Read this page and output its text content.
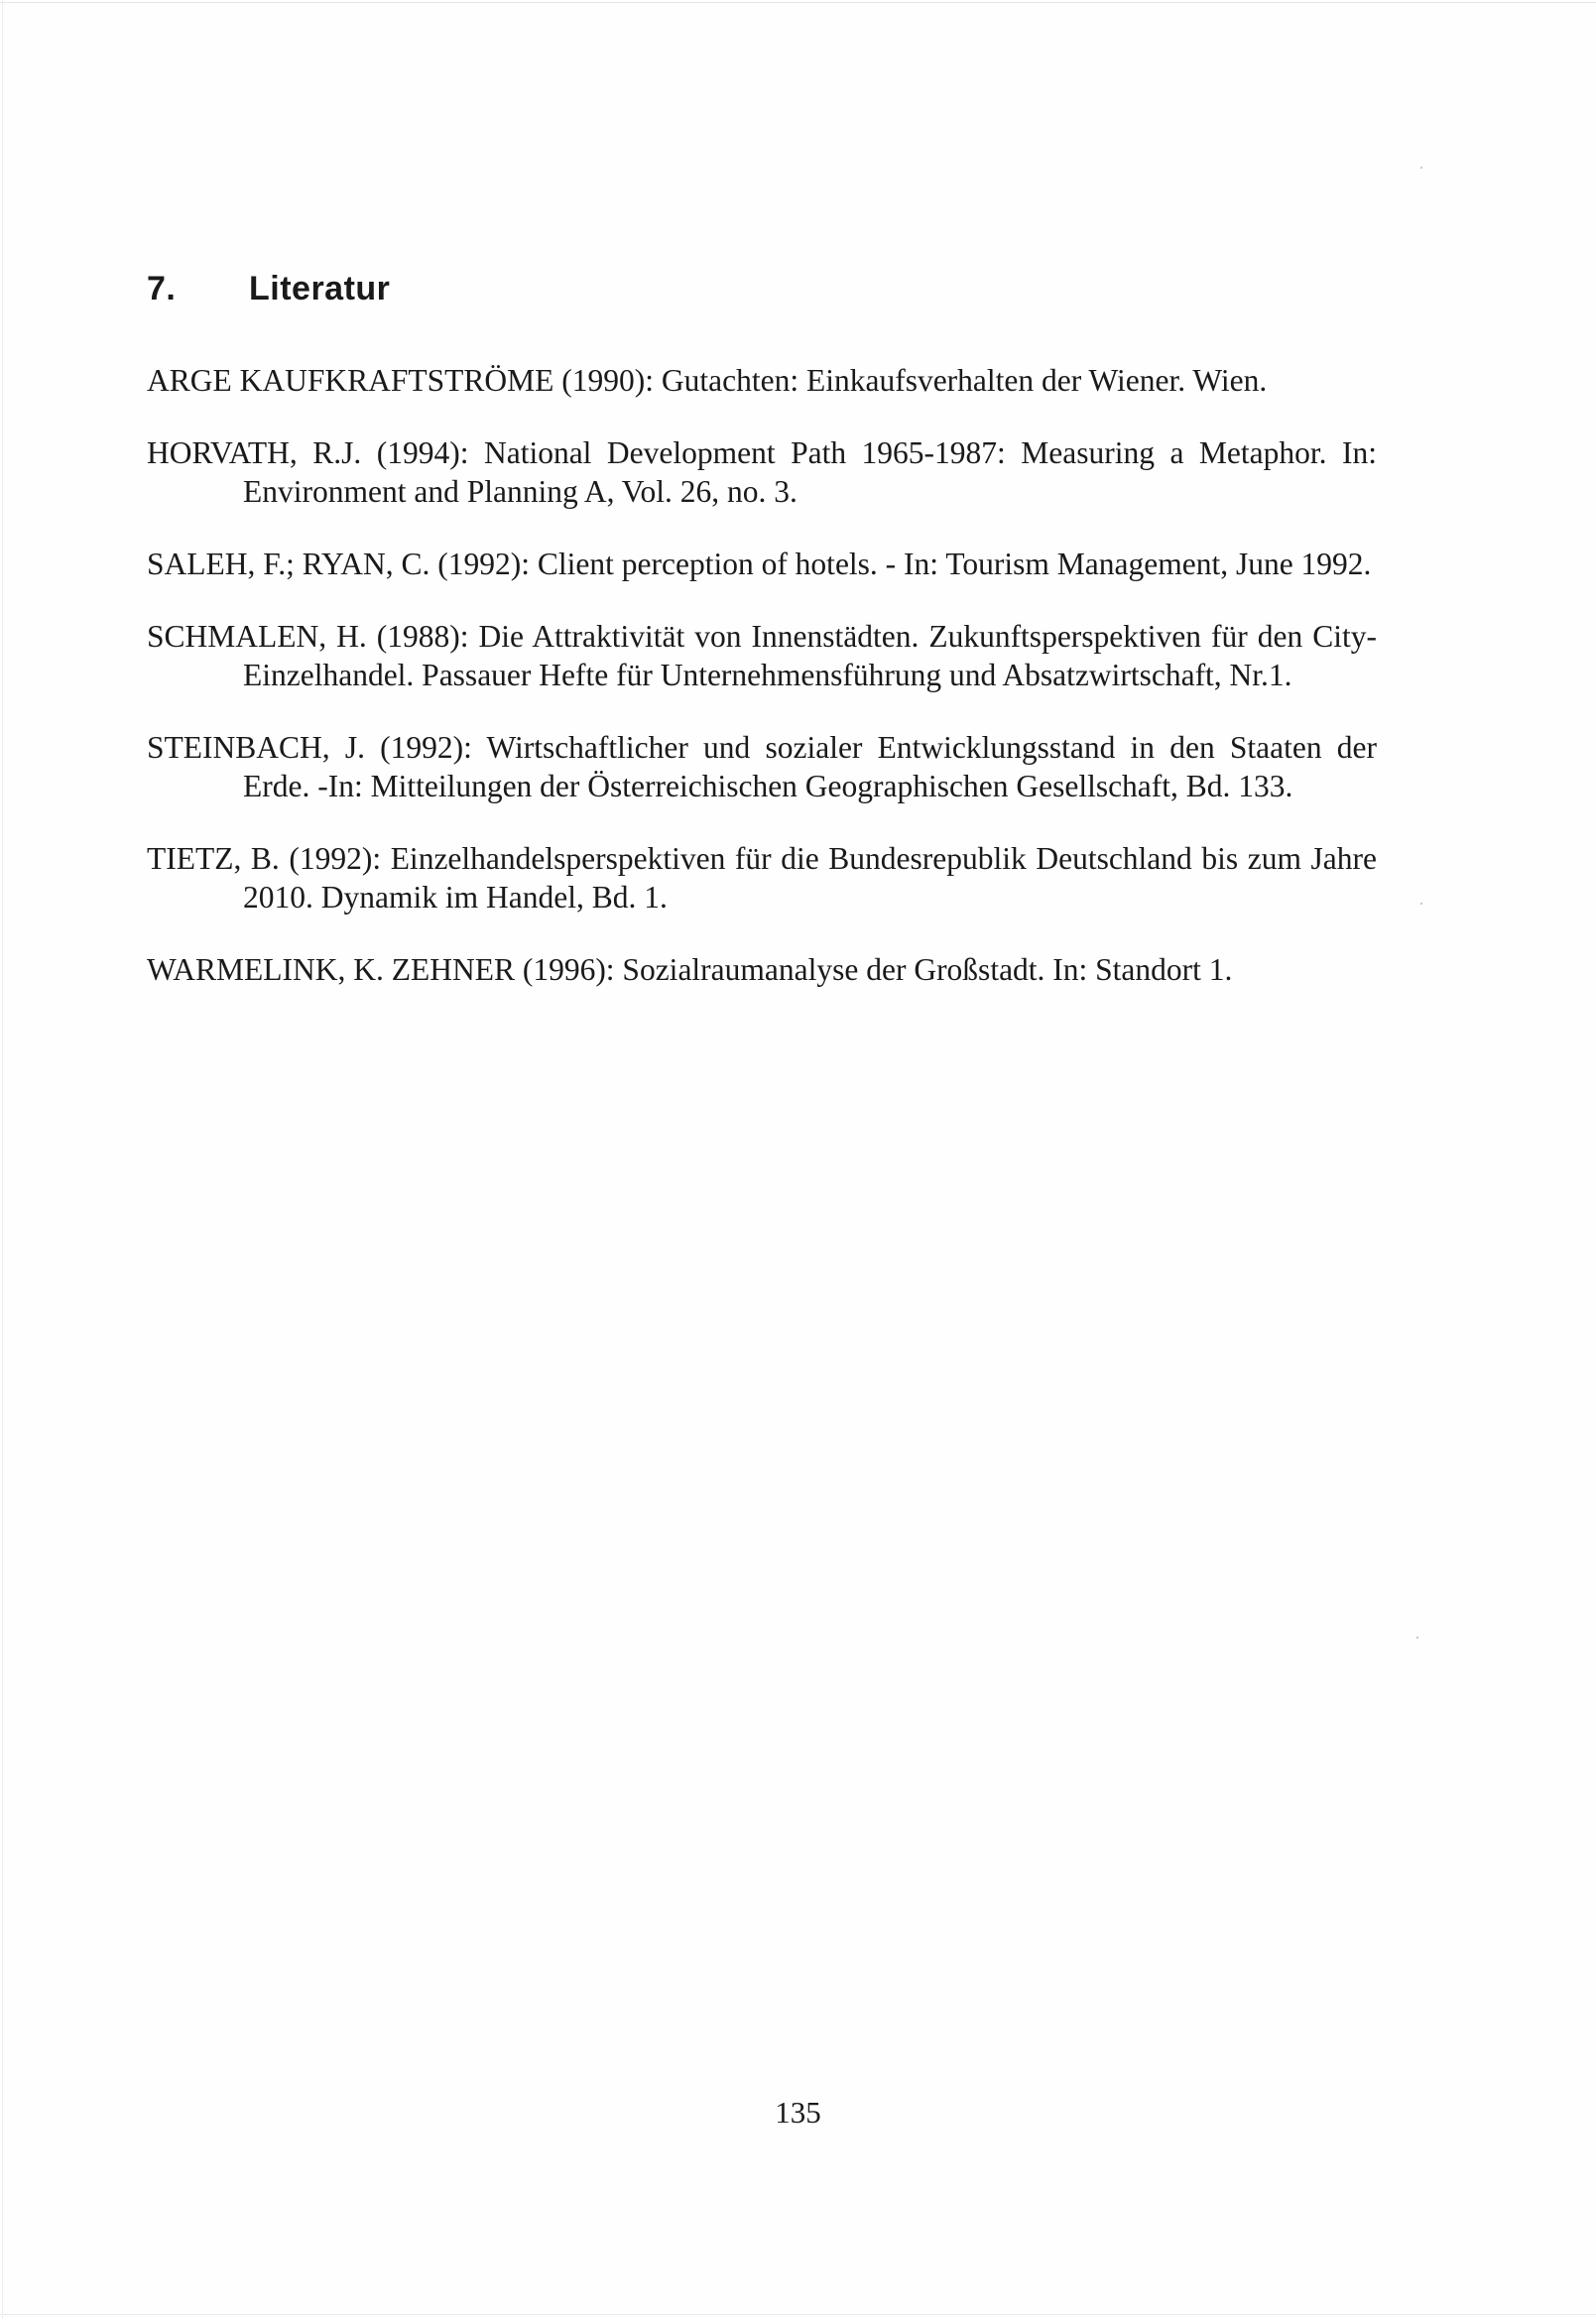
7. Literatur
ARGE KAUFKRAFTSTRÖME (1990): Gutachten: Einkaufsverhalten der Wiener. Wien.
HORVATH, R.J. (1994): National Development Path 1965-1987: Measuring a Metaphor. In: Environment and Planning A, Vol. 26, no. 3.
SALEH, F.; RYAN, C. (1992): Client perception of hotels. - In: Tourism Management, June 1992.
SCHMALEN, H. (1988): Die Attraktivität von Innenstädten. Zukunftsperspektiven für den City-Einzelhandel. Passauer Hefte für Unternehmensführung und Absatzwirtschaft, Nr.1.
STEINBACH, J. (1992): Wirtschaftlicher und sozialer Entwicklungsstand in den Staaten der Erde. -In: Mitteilungen der Österreichischen Geographischen Gesellschaft, Bd. 133.
TIETZ, B. (1992): Einzelhandelsperspektiven für die Bundesrepublik Deutschland bis zum Jahre 2010. Dynamik im Handel, Bd. 1.
WARMELINK, K. ZEHNER (1996): Sozialraumanalyse der Großstadt. In: Standort 1.
135
